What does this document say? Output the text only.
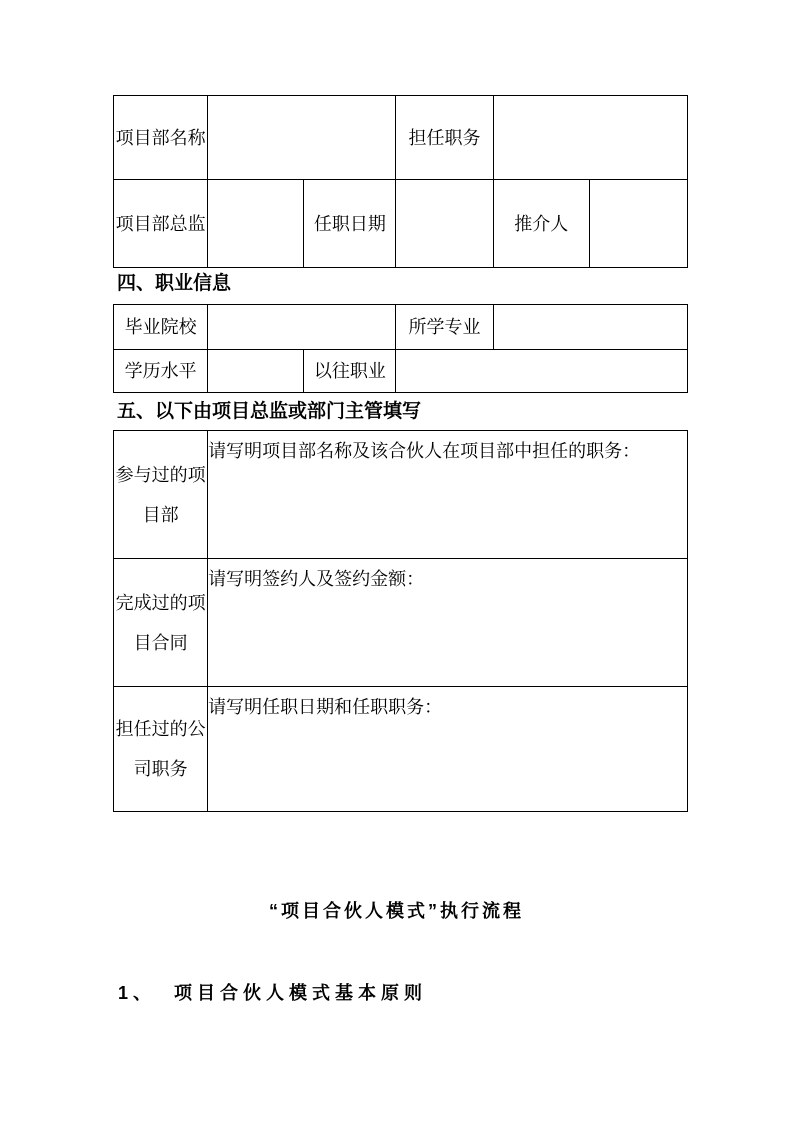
项目部名称			担任职务		
项目部总监		任职日期		推介人	
四、职业信息
毕业院校			所学专业	
学历水平		以往职业		
五、以下由项目总监或部门主管填写
参与过的项目部	请写明项目部名称及该合伙人在项目部中担任的职务：
完成过的项目合同	请写明签约人及签约金额：
担任过的公司职务	请写明任职日期和任职职务：
“项目合伙人模式”执行流程
1、 项目合伙人模式基本原则
